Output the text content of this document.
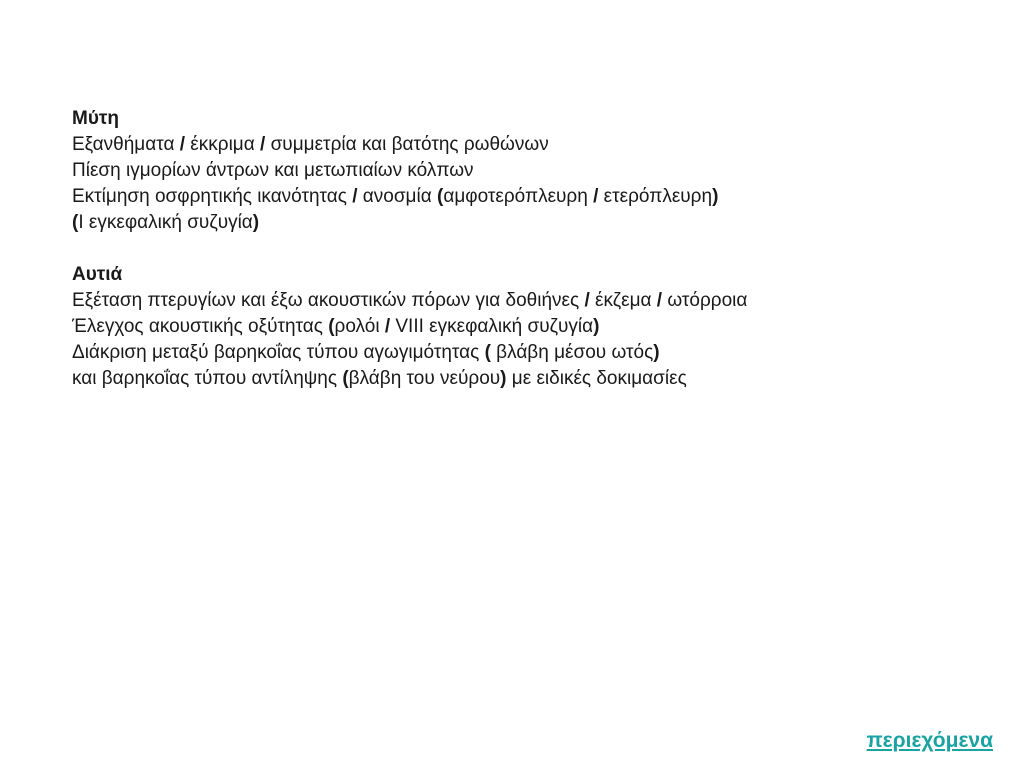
Μύτη

Εξανθήματα / έκκριμα / συμμετρία και βατότης ρωθώνων

Πίεση ιγμορίων άντρων και μετωπιαίων κόλπων

Εκτίμηση οσφρητικής ικανότητας / ανοσμία (αμφοτερόπλευρη / ετερόπλευρη)

(I εγκεφαλική συζυγία)

Αυτιά

Εξέταση πτερυγίων και έξω ακουστικών πόρων για δοθιήνες / έκζεμα / ωτόρροια

Έλεγχος ακουστικής οξύτητας (ρολόι / VIII εγκεφαλική συζυγία)

Διάκριση μεταξύ βαρηκοΐας τύπου αγωγιμότητας ( βλάβη μέσου ωτός)

και βαρηκοΐας τύπου αντίληψης (βλάβη του νεύρου) με ειδικές δοκιμασίες

περιεχόμενα
